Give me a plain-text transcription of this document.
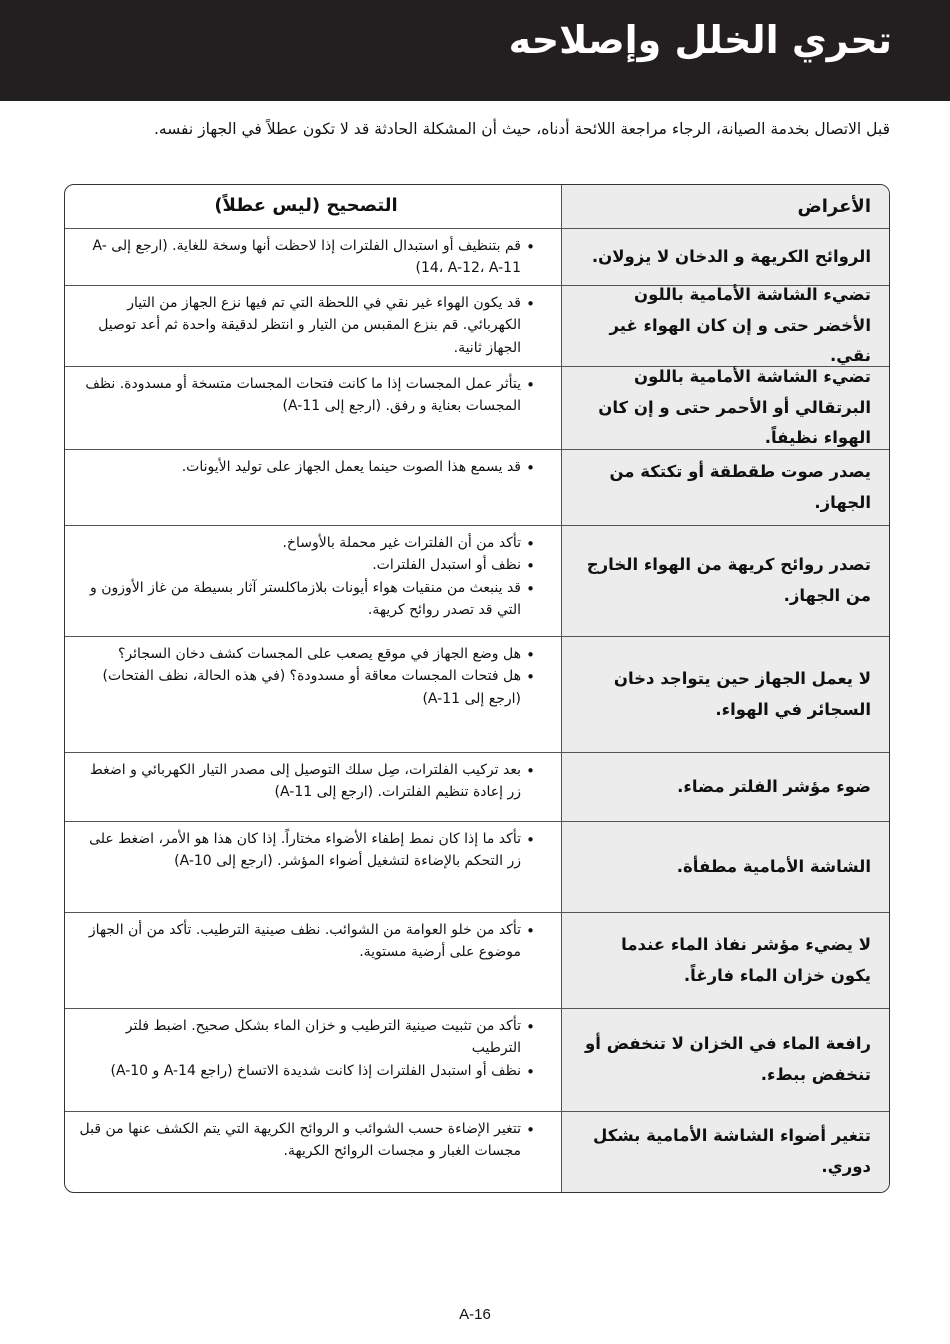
تحري الخلل وإصلاحه

قبل الاتصال بخدمة الصيانة، الرجاء مراجعة اللائحة أدناه، حيث أن المشكلة الحادثة قد لا تكون عطلاً في الجهاز نفسه.

الأعراض
التصحيح (ليس عطلاً)
الروائح الكريهة و الدخان لا يزولان.
• قم بتنظيف أو استبدال الفلترات إذا لاحظت أنها وسخة للغاية. (ارجع إلى A-14، A-12، A-11)
تضيء الشاشة الأمامية باللون الأخضر حتى و إن كان الهواء غير نقي.
• قد يكون الهواء غير نقي في اللحظة التي تم فيها نزع الجهاز من التيار الكهربائي. قم بنزع المقبس من التيار و انتظر لدقيقة واحدة ثم أعد توصيل الجهاز ثانية.
تضيء الشاشة الأمامية باللون البرتقالي أو الأحمر حتى و إن كان الهواء نظيفاً.
• يتأثر عمل المجسات إذا ما كانت فتحات المجسات متسخة أو مسدودة. نظف المجسات بعناية و رفق. (ارجع إلى A-11)
يصدر صوت طقطقة أو تكتكة من الجهاز.
• قد يسمع هذا الصوت حينما يعمل الجهاز على توليد الأيونات.
تصدر روائح كريهة من الهواء الخارج من الجهاز.
• تأكد من أن الفلترات غير محملة بالأوساخ.
• نظف أو استبدل الفلترات.
• قد ينبعث من منقيات هواء أيونات بلازماكلستر آثار بسيطة من غاز الأوزون و التي قد تصدر روائح كريهة.
لا يعمل الجهاز حين يتواجد دخان السجائر في الهواء.
• هل وضع الجهاز في موقع يصعب على المجسات كشف دخان السجائر؟
• هل فتحات المجسات معاقة أو مسدودة؟ (في هذه الحالة، نظف الفتحات) (ارجع إلى A-11)
ضوء مؤشر الفلتر مضاء.
• بعد تركيب الفلترات، صِل سلك التوصيل إلى مصدر التيار الكهربائي و اضغط زر إعادة تنظيم الفلترات. (ارجع إلى A-11)
الشاشة الأمامية مطفأة.
• تأكد ما إذا كان نمط إطفاء الأضواء مختاراً. إذا كان هذا هو الأمر، اضغط على زر التحكم بالإضاءة لتشغيل أضواء المؤشر. (ارجع إلى A-10)
لا يضيء مؤشر نفاذ الماء عندما يكون خزان الماء فارغاً.
• تأكد من خلو العوامة من الشوائب. نظف صينية الترطيب. تأكد من أن الجهاز موضوع على أرضية مستوية.
رافعة الماء في الخزان لا تنخفض أو تنخفض ببطء.
• تأكد من تثبيت صينية الترطيب و خزان الماء بشكل صحيح. اضبط فلتر الترطيب
• نظف أو استبدل الفلترات إذا كانت شديدة الاتساخ (راجع A-14 و A-10)
تتغير أضواء الشاشة الأمامية بشكل دوري.
• تتغير الإضاءة حسب الشوائب و الروائح الكريهة التي يتم الكشف عنها من قبل مجسات الغبار و مجسات الروائح الكريهة.
A-16
